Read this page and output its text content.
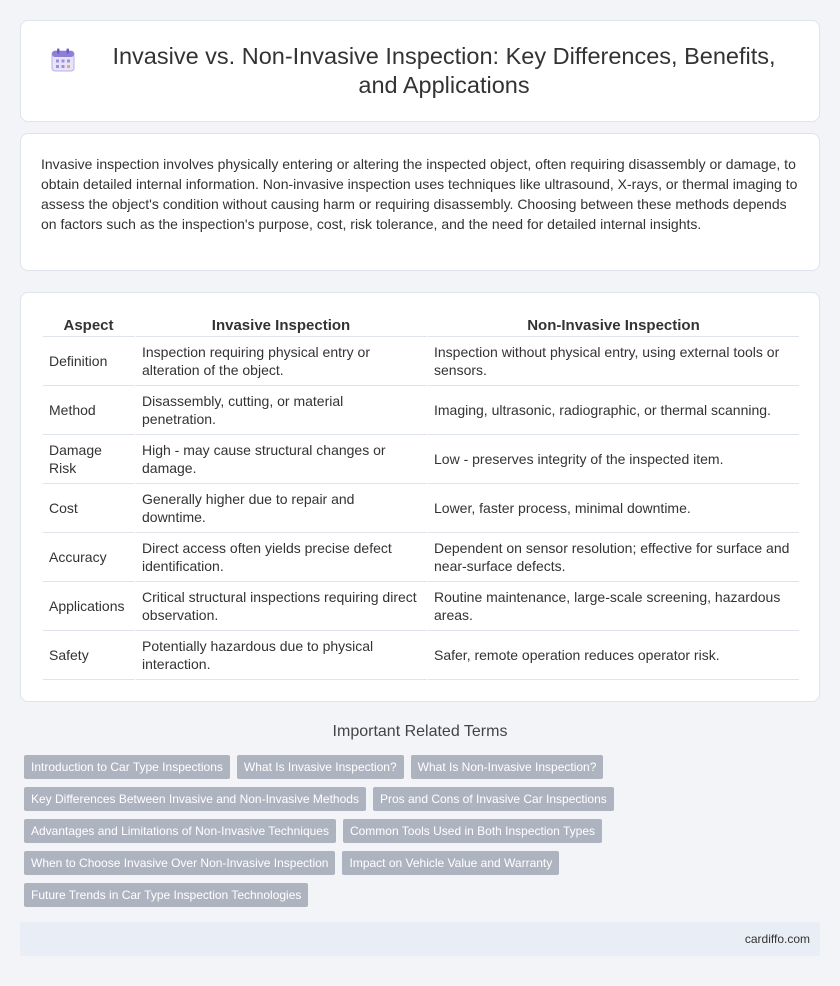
Invasive vs. Non-Invasive Inspection: Key Differences, Benefits, and Applications

Invasive inspection involves physically entering or altering the inspected object, often requiring disassembly or damage, to obtain detailed internal information. Non-invasive inspection uses techniques like ultrasound, X-rays, or thermal imaging to assess the object's condition without causing harm or requiring disassembly. Choosing between these methods depends on factors such as the inspection's purpose, cost, risk tolerance, and the need for detailed internal insights.

Aspect	Invasive Inspection	Non-Invasive Inspection
Definition	Inspection requiring physical entry or alteration of the object.	Inspection without physical entry, using external tools or sensors.
Method	Disassembly, cutting, or material penetration.	Imaging, ultrasonic, radiographic, or thermal scanning.
Damage Risk	High - may cause structural changes or damage.	Low - preserves integrity of the inspected item.
Cost	Generally higher due to repair and downtime.	Lower, faster process, minimal downtime.
Accuracy	Direct access often yields precise defect identification.	Dependent on sensor resolution; effective for surface and near-surface defects.
Applications	Critical structural inspections requiring direct observation.	Routine maintenance, large-scale screening, hazardous areas.
Safety	Potentially hazardous due to physical interaction.	Safer, remote operation reduces operator risk.
Important Related Terms
Introduction to Car Type Inspections	What Is Invasive Inspection?	What Is Non-Invasive Inspection?
Key Differences Between Invasive and Non-Invasive Methods	Pros and Cons of Invasive Car Inspections
Advantages and Limitations of Non-Invasive Techniques	Common Tools Used in Both Inspection Types
When to Choose Invasive Over Non-Invasive Inspection	Impact on Vehicle Value and Warranty
Future Trends in Car Type Inspection Technologies
cardiffo.com
